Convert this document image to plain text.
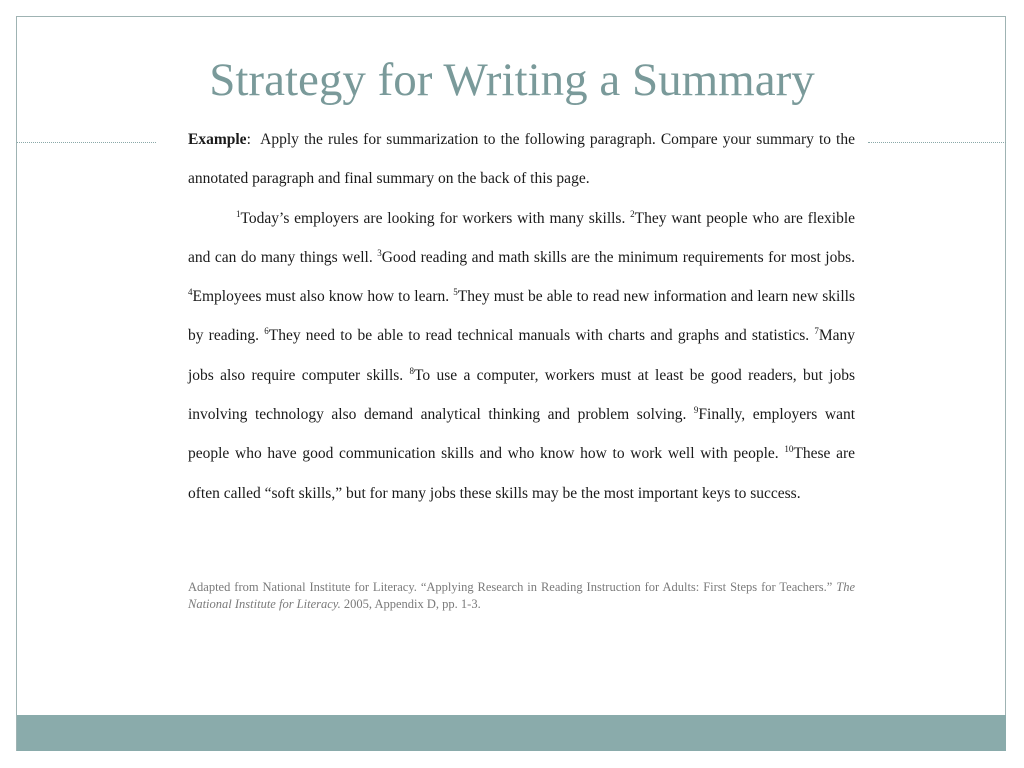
Strategy for Writing a Summary

Example: Apply the rules for summarization to the following paragraph. Compare your summary to the annotated paragraph and final summary on the back of this page.

$^1$Today’s employers are looking for workers with many skills. $^2$They want people who are flexible and can do many things well. $^3$Good reading and math skills are the minimum requirements for most jobs. $^4$Employees must also know how to learn. $^5$They must be able to read new information and learn new skills by reading. $^6$They need to be able to read technical manuals with charts and graphs and statistics. $^7$Many jobs also require computer skills. $^8$To use a computer, workers must at least be good readers, but jobs involving technology also demand analytical thinking and problem solving. $^9$Finally, employers want people who have good communication skills and who know how to work well with people. $^{10}$These are often called “soft skills,” but for many jobs these skills may be the most important keys to success.

Adapted from National Institute for Literacy. “Applying Research in Reading Instruction for Adults: First Steps for Teachers.” The National Institute for Literacy. 2005, Appendix D, pp. 1-3.
